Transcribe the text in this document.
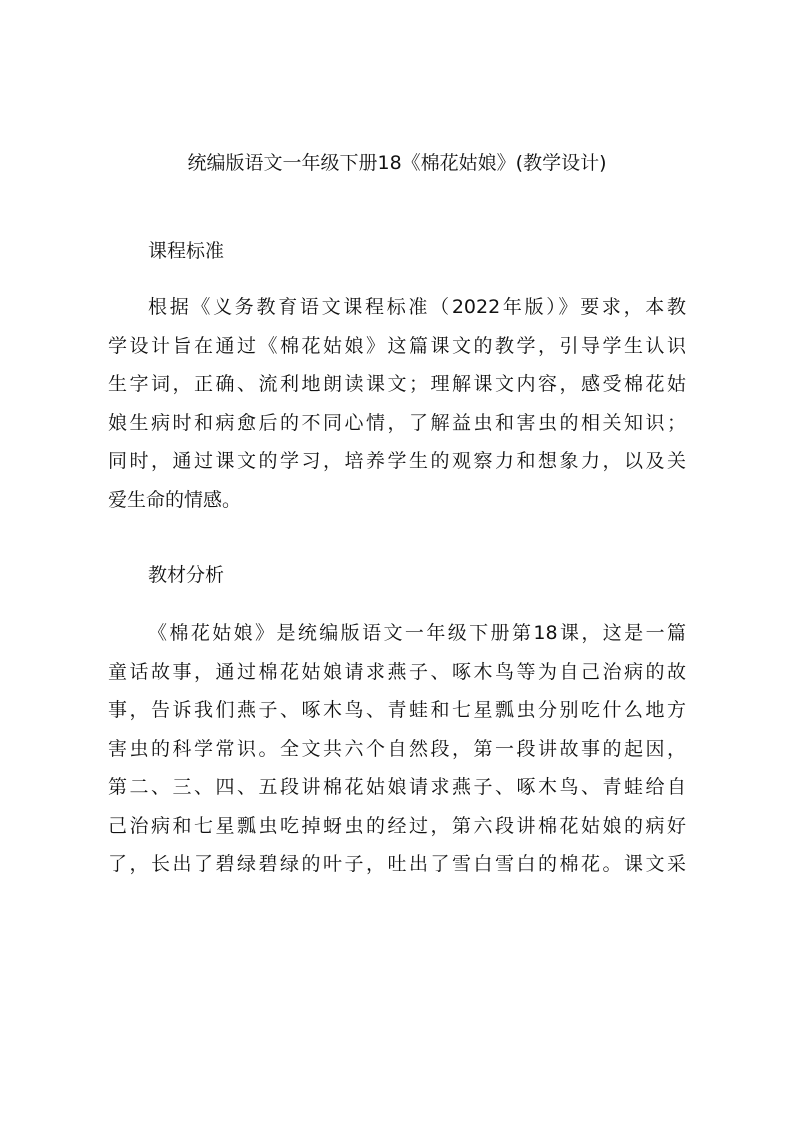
统编版语文一年级下册18《棉花姑娘》(教学设计)
课程标准
根据《义务教育语文课程标准（2022年版）》要求，本教
学设计旨在通过《棉花姑娘》这篇课文的教学，引导学生认识
生字词，正确、流利地朗读课文；理解课文内容，感受棉花姑
娘生病时和病愈后的不同心情，了解益虫和害虫的相关知识；
同时，通过课文的学习，培养学生的观察力和想象力，以及关
爱生命的情感。
教材分析
《棉花姑娘》是统编版语文一年级下册第18课，这是一篇
童话故事，通过棉花姑娘请求燕子、啄木鸟等为自己治病的故
事，告诉我们燕子、啄木鸟、青蛙和七星瓢虫分别吃什么地方
害虫的科学常识。全文共六个自然段，第一段讲故事的起因，
第二、三、四、五段讲棉花姑娘请求燕子、啄木鸟、青蛙给自
己治病和七星瓢虫吃掉蚜虫的经过，第六段讲棉花姑娘的病好
了，长出了碧绿碧绿的叶子，吐出了雪白雪白的棉花。课文采
